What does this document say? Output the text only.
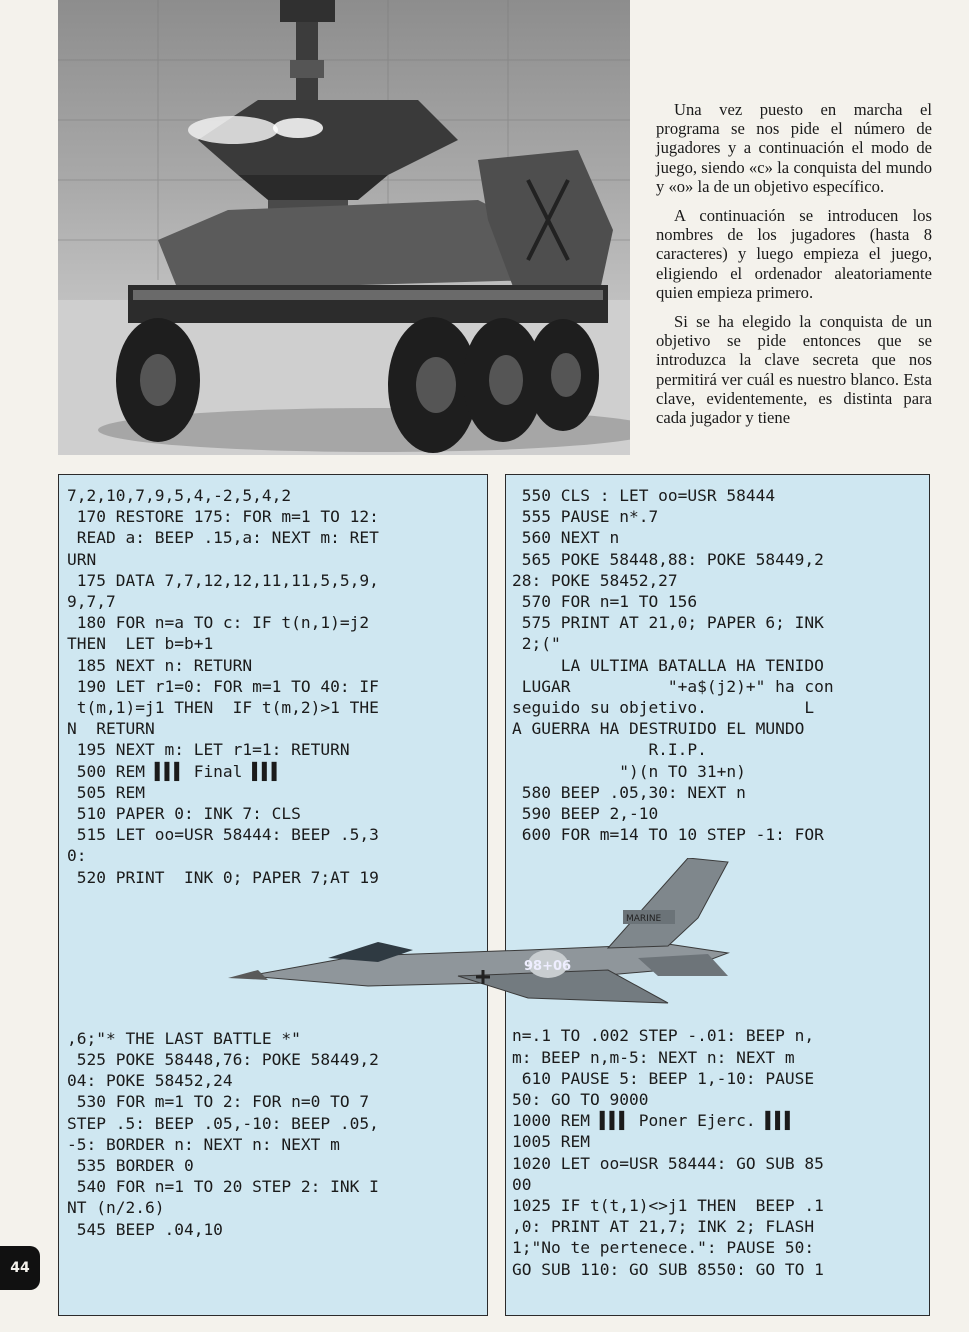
Una vez puesto en marcha el programa se nos pide el número de jugadores y a continuación el modo de juego, siendo «c» la conquista del mundo y «o» la de un objetivo específico.

A continuación se introducen los nombres de los jugadores (hasta 8 caracteres) y luego empieza el juego, eligiendo el ordenador aleatoriamente quien empieza primero.

Si se ha elegido la conquista de un objetivo se pide entonces que se introduzca la clave secreta que nos permitirá ver cuál es nuestro blanco. Esta clave, evidentemente, es distinta para cada jugador y tiene

7,2,10,7,9,5,4,-2,5,4,2
170 RESTORE 175: FOR m=1 TO 12:
READ a: BEEP .15,a: NEXT m: RET
URN
175 DATA 7,7,12,12,11,11,5,5,9,
9,7,7
180 FOR n=a TO c: IF t(n,1)=j2
THEN  LET b=b+1
185 NEXT n: RETURN
190 LET r1=0: FOR m=1 TO 40: IF
t(m,1)=j1 THEN  IF t(m,2)>1 THE
N  RETURN
195 NEXT m: LET r1=1: RETURN
500 REM ▌▌▌ Final ▌▌▌
505 REM
510 PAPER 0: INK 7: CLS
515 LET oo=USR 58444: BEEP .5,3
0:
520 PRINT  INK 0; PAPER 7;AT 19
,6;"* THE LAST BATTLE *"
525 POKE 58448,76: POKE 58449,2
04: POKE 58452,24
530 FOR m=1 TO 2: FOR n=0 TO 7
STEP .5: BEEP .05,-10: BEEP .05,
-5: BORDER n: NEXT n: NEXT m
535 BORDER 0
540 FOR n=1 TO 20 STEP 2: INK I
NT (n/2.6)
545 BEEP .04,10
550 CLS : LET oo=USR 58444
555 PAUSE n*.7
560 NEXT n
565 POKE 58448,88: POKE 58449,2
28: POKE 58452,27
570 FOR n=1 TO 156
575 PRINT AT 21,0; PAPER 6; INK
2;("
LA ULTIMA BATALLA HA TENIDO
LUGAR          "+a$(j2)+" ha con
seguido su objetivo.          L
A GUERRA HA DESTRUIDO EL MUNDO
R.I.P.
")(n TO 31+n)
580 BEEP .05,30: NEXT n
590 BEEP 2,-10
600 FOR m=14 TO 10 STEP -1: FOR
n=.1 TO .002 STEP -.01: BEEP n,
m: BEEP n,m-5: NEXT n: NEXT m
610 PAUSE 5: BEEP 1,-10: PAUSE
50: GO TO 9000
1000 REM ▌▌▌ Poner Ejerc. ▌▌▌
1005 REM
1020 LET oo=USR 58444: GO SUB 85
00
1025 IF t(t,1)<>j1 THEN  BEEP .1
,0: PRINT AT 21,7; INK 2; FLASH
1;"No te pertenece.": PAUSE 50:
GO SUB 110: GO SUB 8550: GO TO 1
MARINE
98+06
44
